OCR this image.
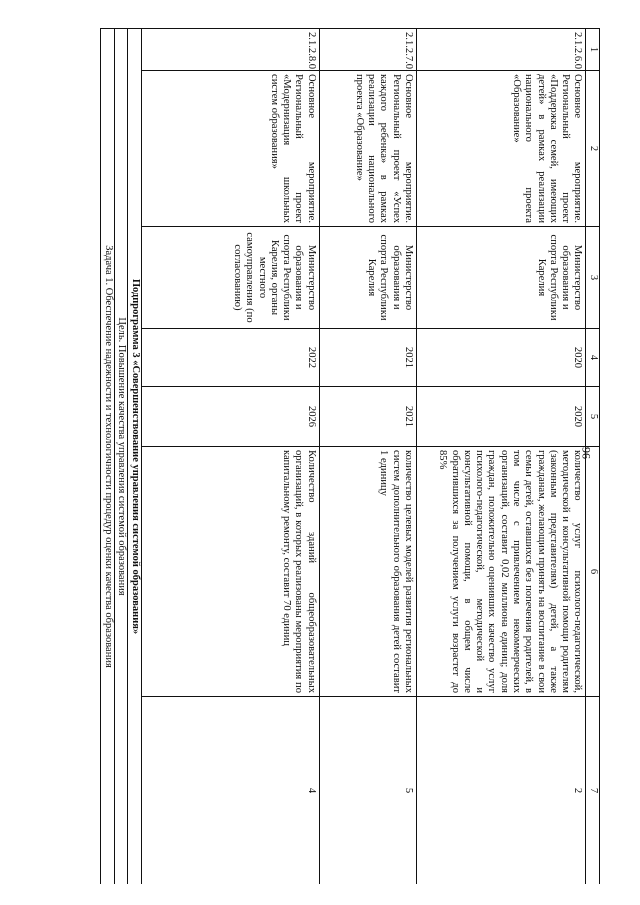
96
1	2	3	4	5	6	7
2.1.2.6.0.	Основное мероприятие. Региональный проект «Поддержка семей, имеющих детей» в рамках реализации национального проекта «Образование»	Министерство образования и спорта Республики Карелия	2020	2020	количество услуг психолого-педагогической, методической и консультативной помощи родителям (законным представителям) детей, а также гражданам, желающим принять на воспитание в свои семьи детей, оставшихся без попечения родителей, в том числе с привлечением некоммерческих организаций, составит 0,02 миллиона единиц; доля граждан, положительно оценивших качество услуг психолого-педагогической, методической и консультативной помощи, в общем числе обратившихся за получением услуги возрастет до 85%	2
2.1.2.7.0.	Основное мероприятие. Региональный проект «Успех каждого ребенка» в рамках реализации национального проекта «Образование»	Министерство образования и спорта Республики Карелия	2021	2021	количество целевых моделей развития региональных систем дополнительного образования детей составит 1 единицу	5
2.1.2.8.0.	Основное мероприятие. Региональный проект «Модернизация школьных систем образования»	Министерство образования и спорта Республики Карелия, органы местного самоуправления (по согласованию)	2022	2026	Количество зданий общеобразовательных организаций, в которых реализованы мероприятия по капитальному ремонту, составит 70 единиц	4
Подпрограмма 3 «Совершенствование управления системой образования»						
Цель. Повышение качества управления системой образования						
Задача 1. Обеспечение надежности и технологичности процедур оценки качества образования						
